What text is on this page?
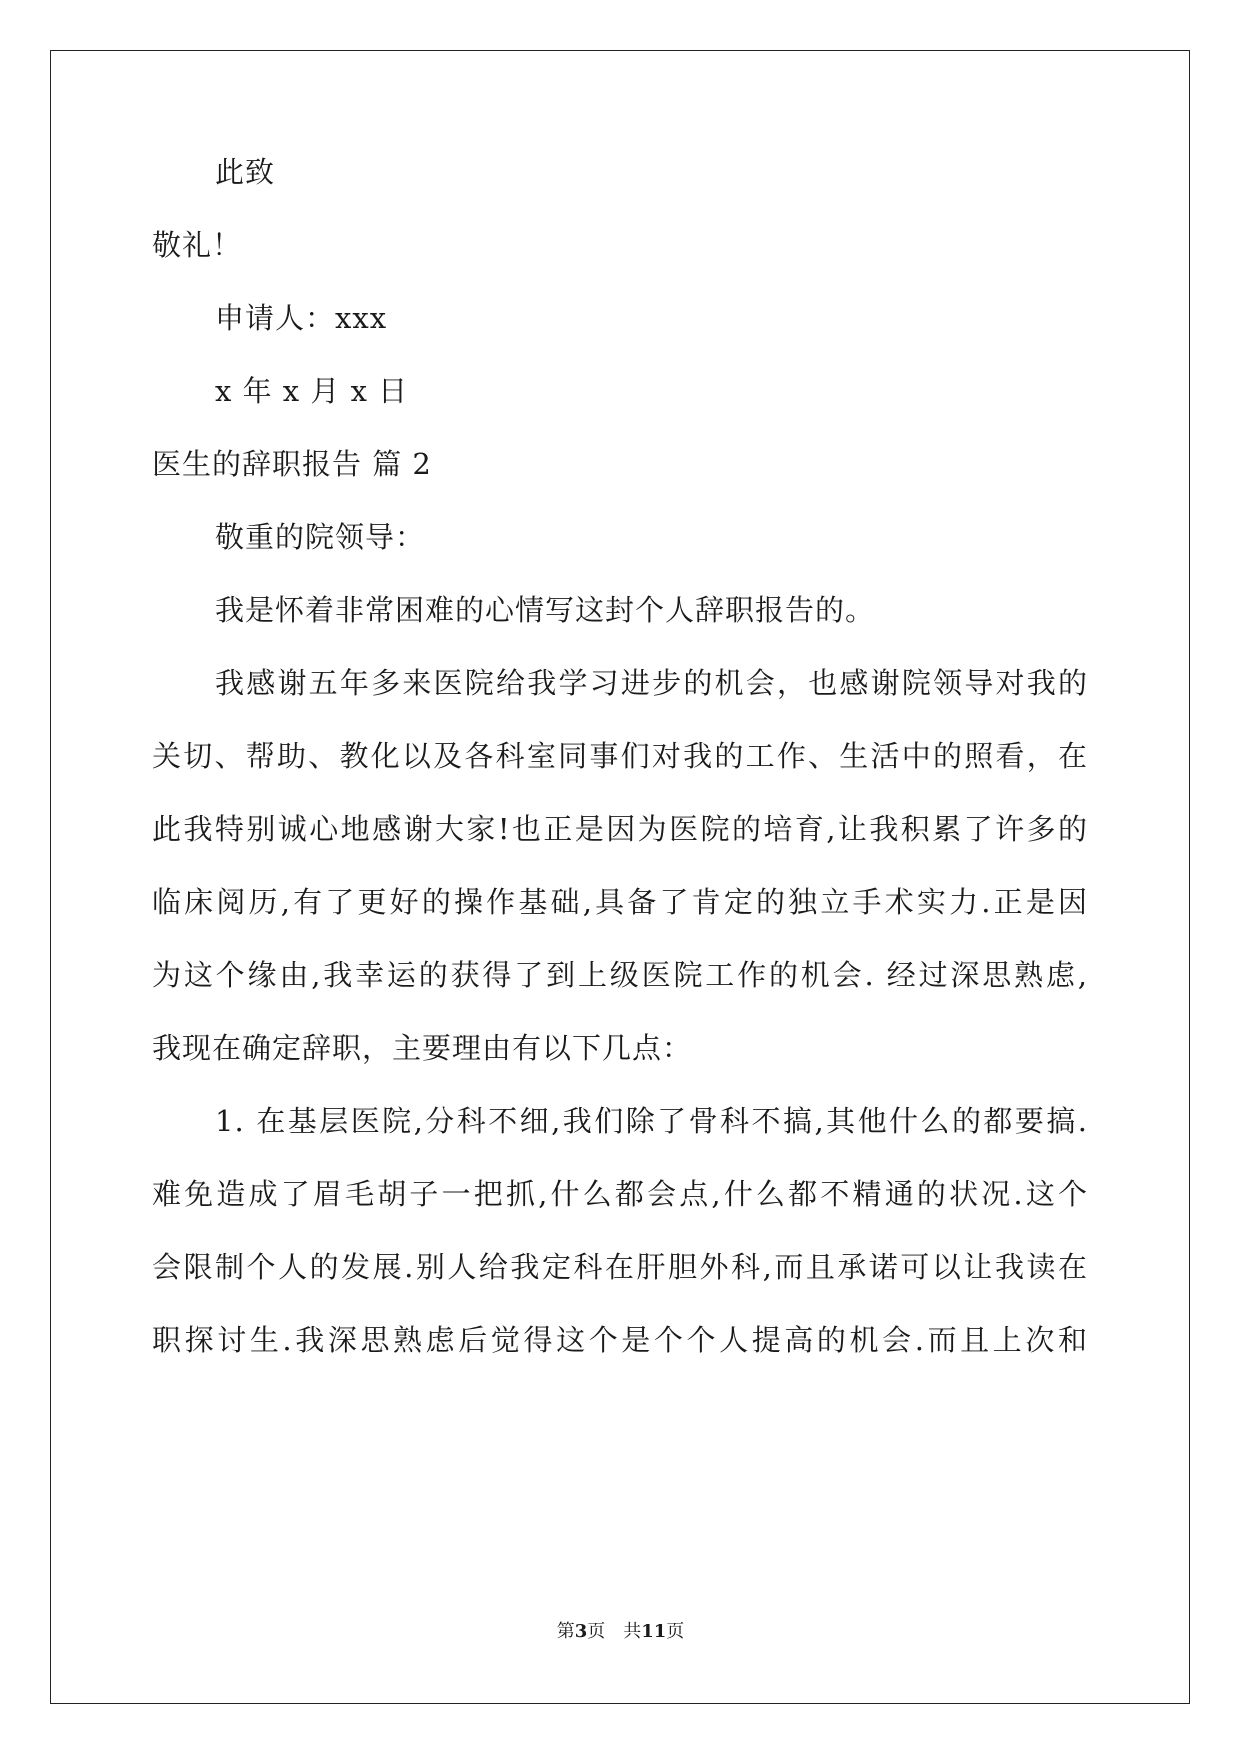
此致
敬礼！
申请人：xxx
x 年 x 月 x 日
医生的辞职报告 篇 2
敬重的院领导：
我是怀着非常困难的心情写这封个人辞职报告的。
我感谢五年多来医院给我学习进步的机会，也感谢院领导对我的
关切、帮助、教化以及各科室同事们对我的工作、生活中的照看，在
此我特别诚心地感谢大家!也正是因为医院的培育,让我积累了许多的
临床阅历,有了更好的操作基础,具备了肯定的独立手术实力.正是因
为这个缘由,我幸运的获得了到上级医院工作的机会. 经过深思熟虑,
我现在确定辞职，主要理由有以下几点：
1. 在基层医院,分科不细,我们除了骨科不搞,其他什么的都要搞.
难免造成了眉毛胡子一把抓,什么都会点,什么都不精通的状况.这个
会限制个人的发展.别人给我定科在肝胆外科,而且承诺可以让我读在
职探讨生.我深思熟虑后觉得这个是个个人提高的机会.而且上次和
第3页　共11页
